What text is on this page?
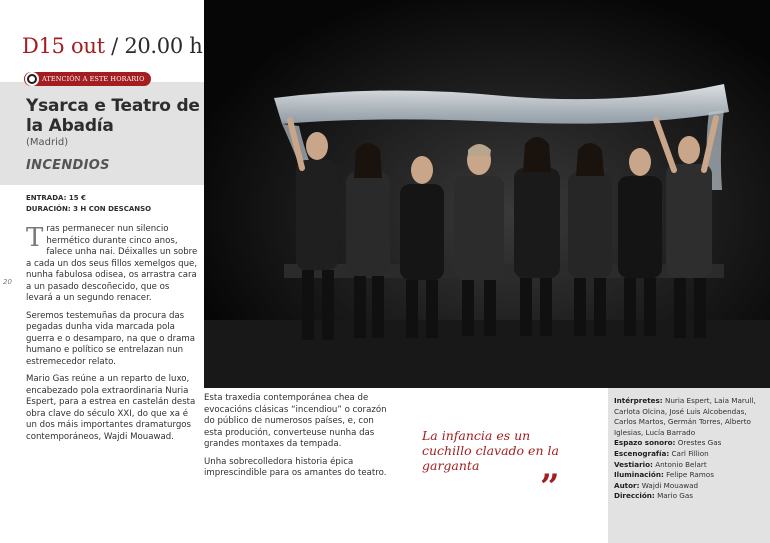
20
D15 out / 20.00 h
ATENCIÓN A ESTE HORARIO
Ysarca e Teatro de la Abadía
(Madrid)
INCENDIOS
ENTRADA: 15 €
DURACIÓN: 3 H CON DESCANSO

Tras permanecer nun silencio hermético durante cinco anos, falece unha nai. Déixalles un sobre a cada un dos seus fillos xemelgos que, nunha fabulosa odisea, os arrastra cara a un pasado descoñecido, que os levará a un segundo renacer.

Seremos testemuñas da procura das pegadas dunha vida marcada pola guerra e o desamparo, na que o drama humano e político se entrelazan nun estremecedor relato.

Mario Gas reúne a un reparto de luxo, encabezado pola extraordinaria Nuria Espert, para a estrea en castelán desta obra clave do século XXI, do que xa é un dos máis importantes dramaturgos contemporáneos, Wajdi Mouawad.

Esta traxedia contemporánea chea de evocacións clásicas “incendiou” o corazón do público de numerosos países, e, con esta produción, converteuse nunha das grandes montaxes da tempada.

Unha sobrecolledora historia épica imprescindible para os amantes do teatro.

La infancia es un cuchillo clavado en la garganta
”
Intérpretes: Nuria Espert, Laia Marull, Carlota Olcina, José Luis Alcobendas, Carlos Martos, Germán Torres, Alberto Iglesias, Lucía Barrado
Espazo sonoro: Orestes Gas
Escenografía: Carl Fillion
Vestiario: Antonio Belart
Iluminación: Felipe Ramos
Autor: Wajdi Mouawad
Dirección: Mario Gas
